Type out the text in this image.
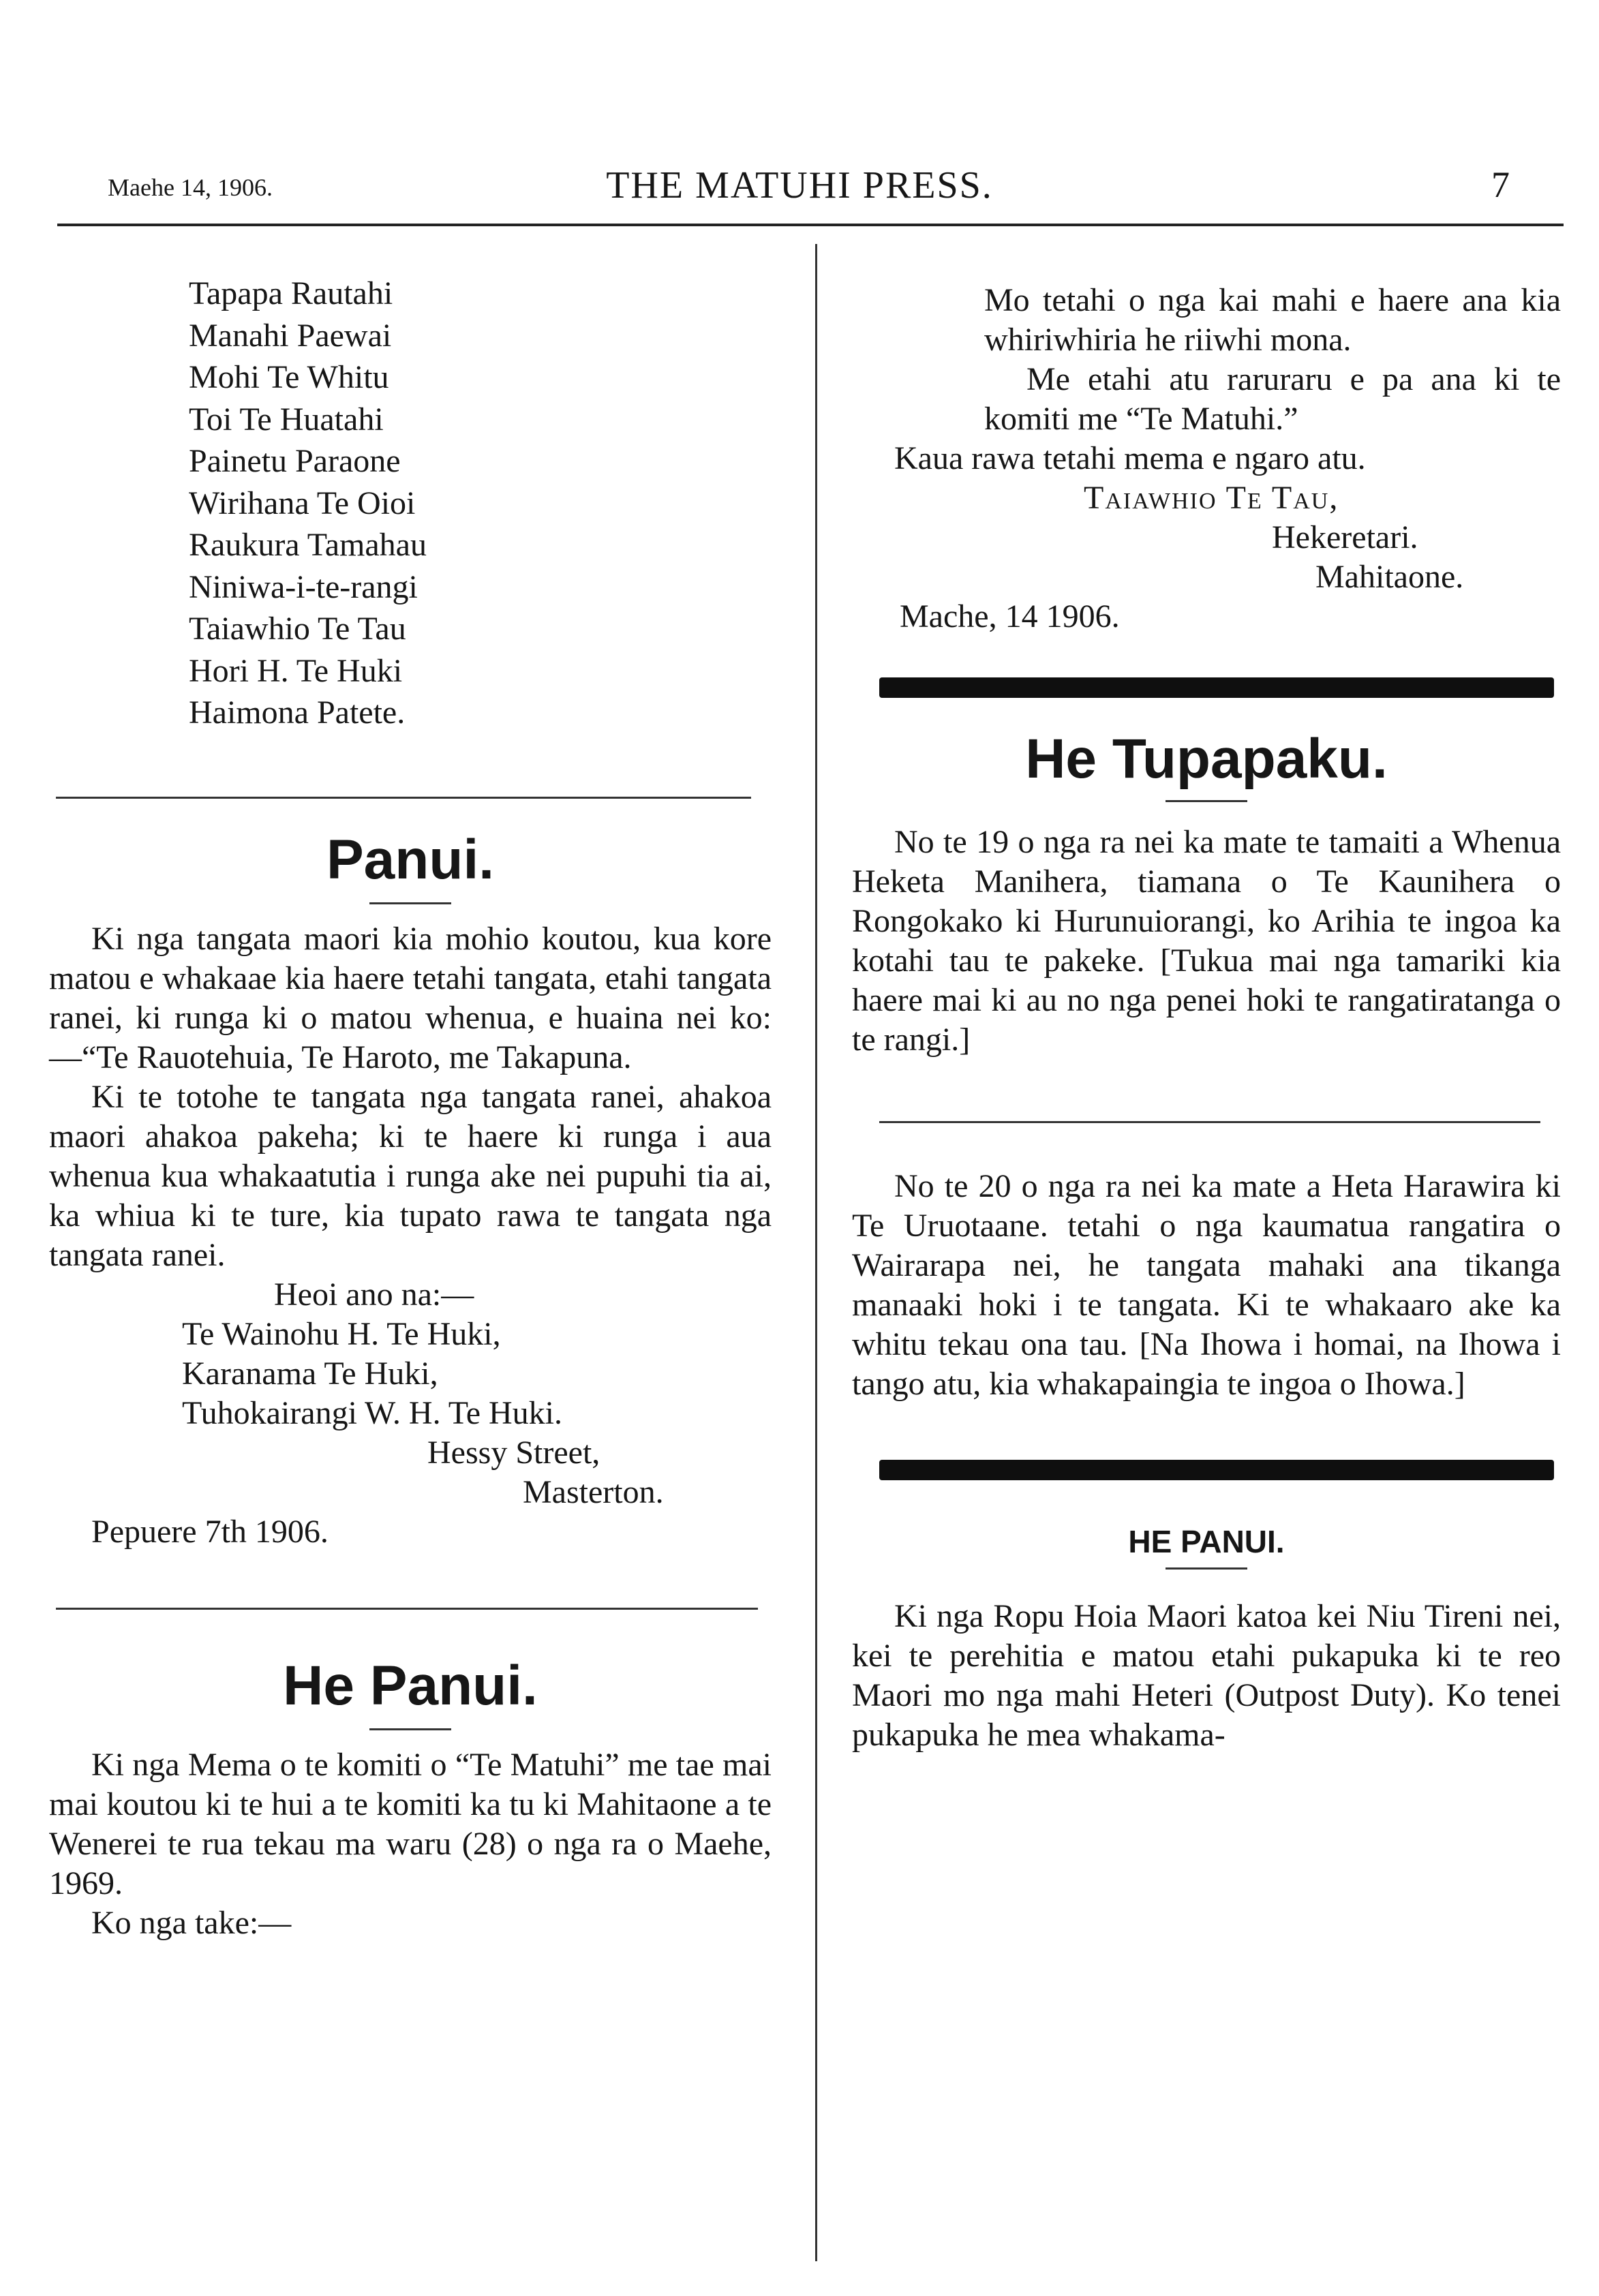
Maehe 14, 1906.	THE MATUHI PRESS.	7
Tapapa Rautahi
Manahi Paewai
Mohi Te Whitu
Toi Te Huatahi
Painetu Paraone
Wirihana Te Oioi
Raukura Tamahau
Niniwa-i-te-rangi
Taiawhio Te Tau
Hori H. Te Huki
Haimona Patete.
Panui.

Ki nga tangata maori kia mohio koutou, kua kore matou e whakaae kia haere tetahi tangata, etahi tangata ranei, ki runga ki o matou whenua, e huaina nei ko:—“Te Rauotehuia, Te Haroto, me Takapuna.

Ki te totohe te tangata nga tangata ranei, ahakoa maori ahakoa pakeha; ki te haere ki runga i aua whenua kua whakaatutia i runga ake nei pupuhi tia ai, ka whiua ki te ture, kia tupato rawa te tangata nga tangata ranei.

Heoi ano na:—
Te Wainohu H. Te Huki,
Karanama Te Huki,
Tuhokairangi W. H. Te Huki.
Hessy Street,
Masterton.
Pepuere 7th 1906.
He Panui.

Ki nga Mema o te komiti o “Te Matuhi” me tae mai mai koutou ki te hui a te komiti ka tu ki Mahitaone a te Wenerei te rua tekau ma waru (28) o nga ra o Maehe, 1969.

Ko nga take:—

Mo tetahi o nga kai mahi e haere ana kia whiriwhiria he riiwhi mona.

Me etahi atu raruraru e pa ana ki te komiti me “Te Matuhi.”

Kaua rawa tetahi mema e ngaro atu.

Taiawhio Te Tau,
Hekeretari.
Mahitaone.
Mache, 14 1906.
He Tupapaku.

No te 19 o nga ra nei ka mate te tamaiti a Whenua Heketa Manihera, tiamana o Te Kaunihera o Rongokako ki Hurunuiorangi, ko Arihia te ingoa ka kotahi tau te pakeke. [Tukua mai nga tamariki kia haere mai ki au no nga penei hoki te rangatiratanga o te rangi.]

No te 20 o nga ra nei ka mate a Heta Harawira ki Te Uruotaane. tetahi o nga kaumatua rangatira o Wairarapa nei, he tangata mahaki ana tikanga manaaki hoki i te tangata. Ki te whakaaro ake ka whitu tekau ona tau. [Na Ihowa i homai, na Ihowa i tango atu, kia whakapaingia te ingoa o Ihowa.]

HE PANUI.

Ki nga Ropu Hoia Maori katoa kei Niu Tireni nei, kei te perehitia e matou etahi pukapuka ki te reo Maori mo nga mahi Heteri (Outpost Duty). Ko tenei pukapuka he mea whakama-
